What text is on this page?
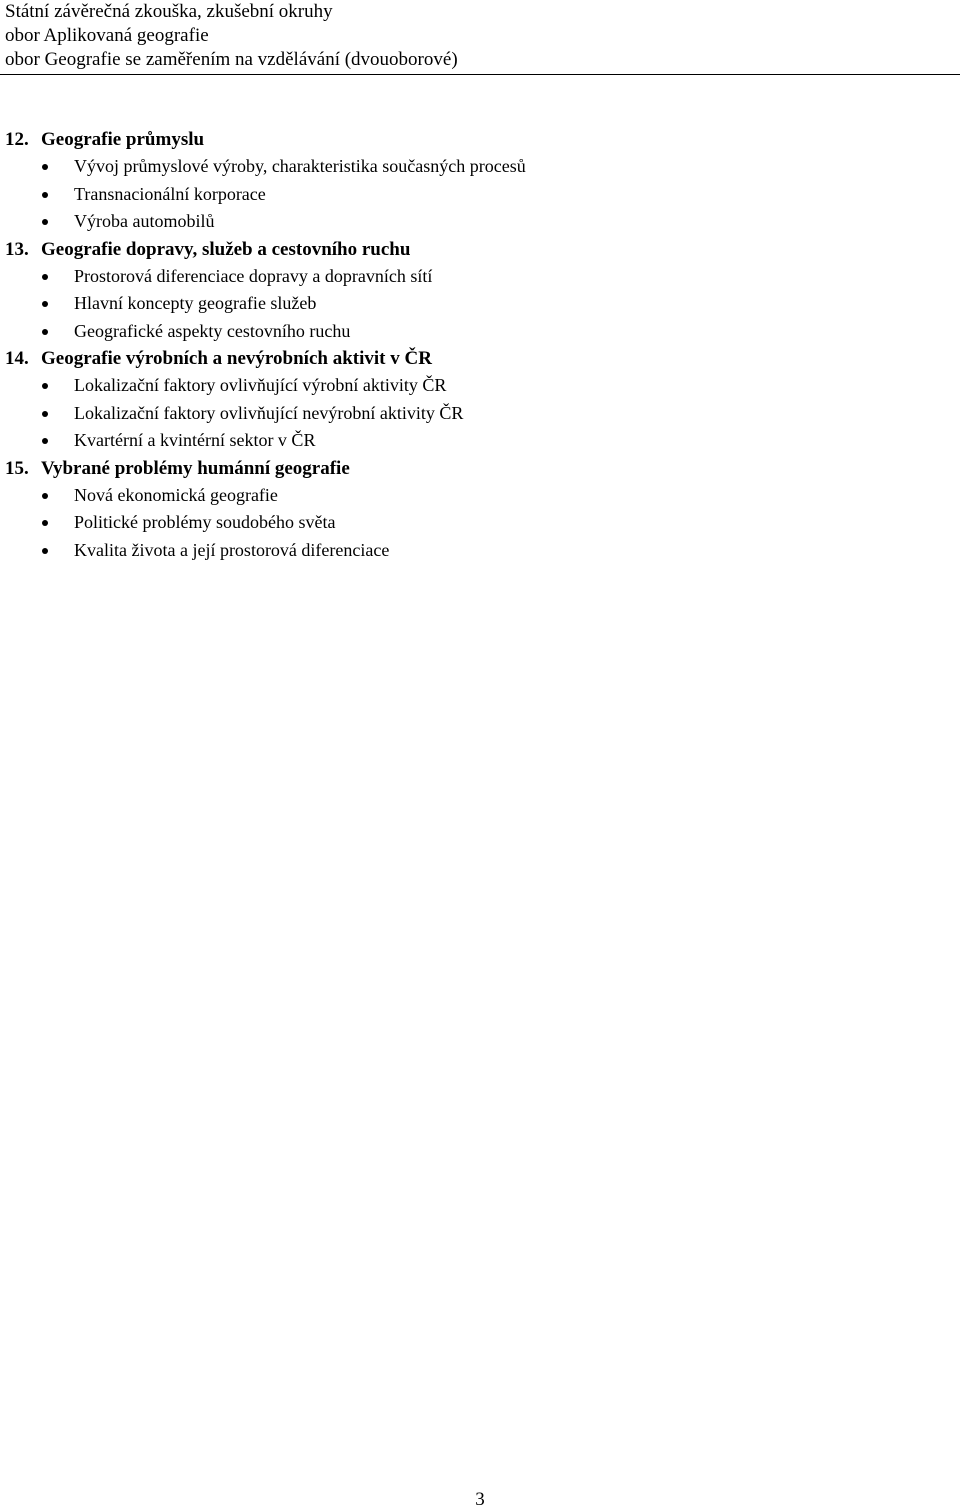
Státní závěrečná zkouška, zkušební okruhy
obor Aplikovaná geografie
obor Geografie se zaměřením na vzdělávání (dvouoborové)
12. Geografie průmyslu
Vývoj průmyslové výroby, charakteristika současných procesů
Transnacionální korporace
Výroba automobilů
13. Geografie dopravy, služeb a cestovního ruchu
Prostorová diferenciace dopravy a dopravních sítí
Hlavní koncepty geografie služeb
Geografické aspekty cestovního ruchu
14. Geografie výrobních a nevýrobních aktivit v ČR
Lokalizační faktory ovlivňující výrobní aktivity ČR
Lokalizační faktory ovlivňující nevýrobní aktivity ČR
Kvartérní a kvintérní sektor v ČR
15. Vybrané problémy humánní geografie
Nová ekonomická geografie
Politické problémy soudobého světa
Kvalita života a její prostorová diferenciace
3
